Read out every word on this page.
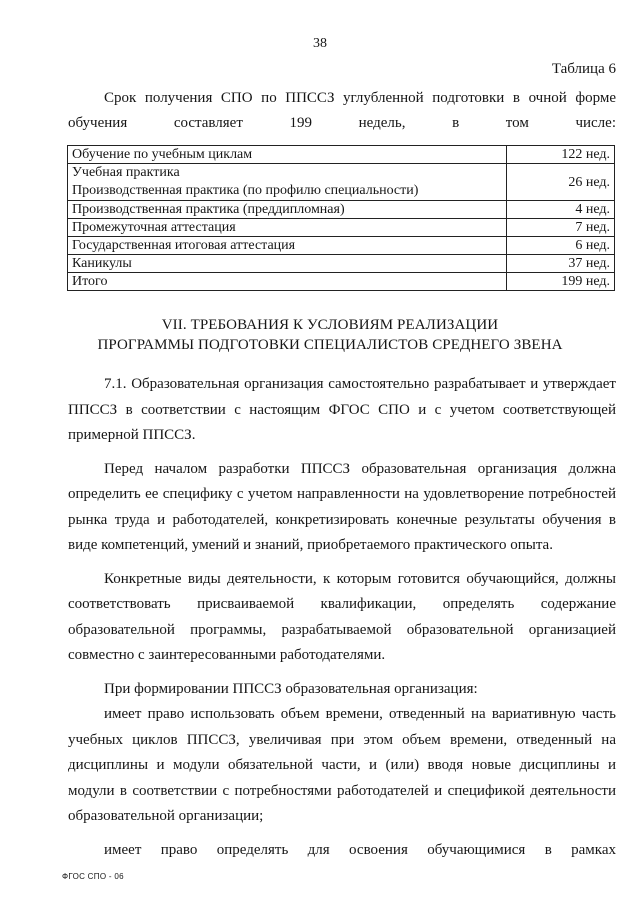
38
Таблица 6
Срок получения СПО по ППССЗ углубленной подготовки в очной форме обучения составляет 199 недель, в том числе:
Обучение по учебным циклам	122 нед.

Учебная практика
Производственная практика (по профилю специальности)	26 нед.
Производственная практика (преддипломная)	4 нед.
Промежуточная аттестация	7 нед.
Государственная итоговая аттестация	6 нед.
Каникулы	37 нед.
Итого	199 нед.
VII. ТРЕБОВАНИЯ К УСЛОВИЯМ РЕАЛИЗАЦИИ
ПРОГРАММЫ ПОДГОТОВКИ СПЕЦИАЛИСТОВ СРЕДНЕГО ЗВЕНА

7.1. Образовательная организация самостоятельно разрабатывает и утверждает ППССЗ в соответствии с настоящим ФГОС СПО и с учетом соответствующей примерной ППССЗ.

Перед началом разработки ППССЗ образовательная организация должна определить ее специфику с учетом направленности на удовлетворение потребностей рынка труда и работодателей, конкретизировать конечные результаты обучения в виде компетенций, умений и знаний, приобретаемого практического опыта.

Конкретные виды деятельности, к которым готовится обучающийся, должны соответствовать присваиваемой квалификации, определять содержание образовательной программы, разрабатываемой образовательной организацией совместно с заинтересованными работодателями.

При формировании ППССЗ образовательная организация:

имеет право использовать объем времени, отведенный на вариативную часть учебных циклов ППССЗ, увеличивая при этом объем времени, отведенный на дисциплины и модули обязательной части, и (или) вводя новые дисциплины и модули в соответствии с потребностями работодателей и спецификой деятельности образовательной организации;

имеет право определять для освоения обучающимися в рамках

ФГОС СПО - 06
